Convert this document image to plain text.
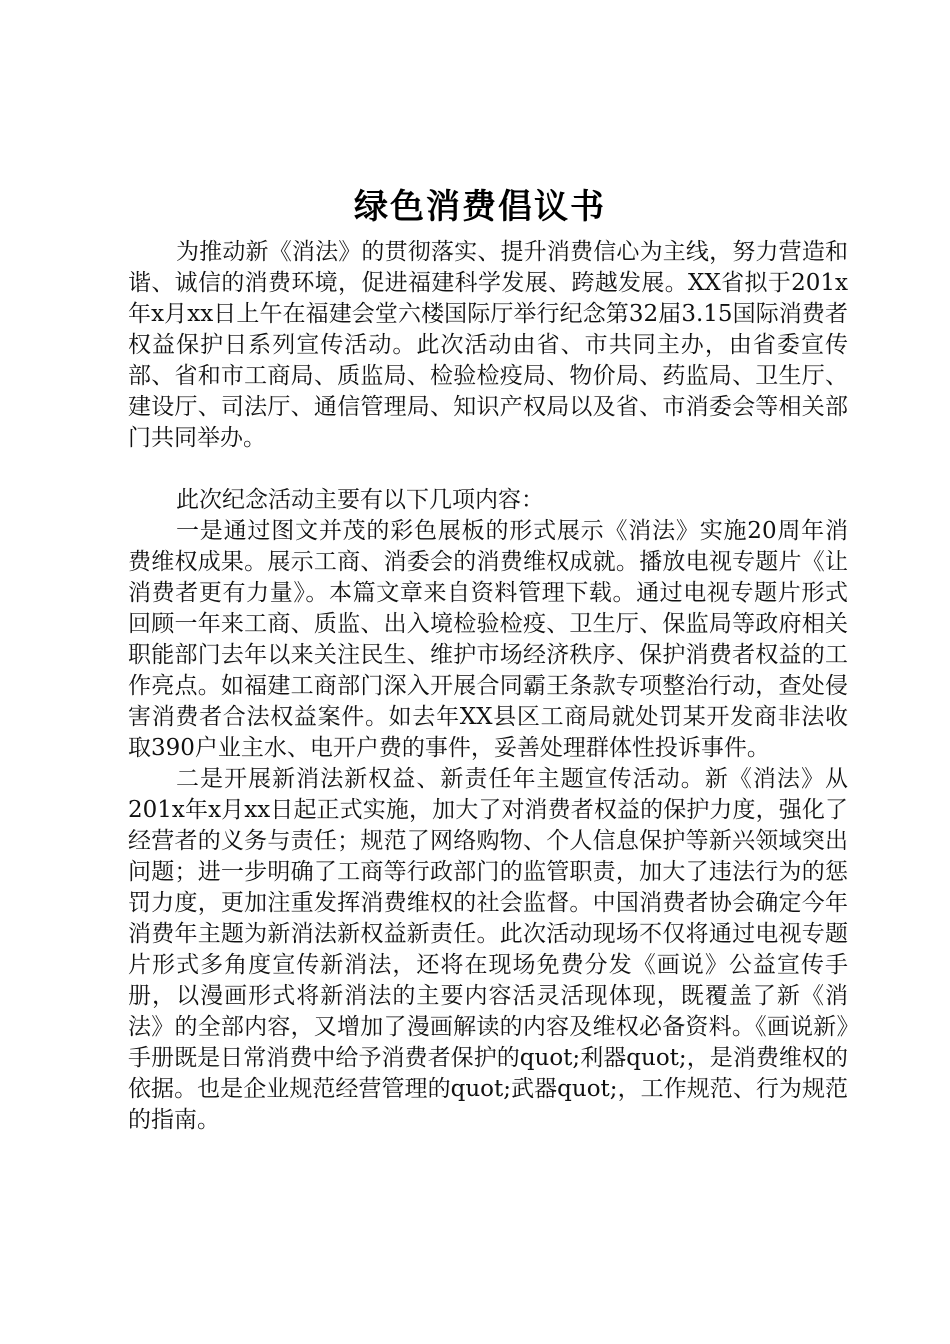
绿色消费倡议书

为推动新《消法》的贯彻落实、提升消费信心为主线，努力营造和谐、诚信的消费环境，促进福建科学发展、跨越发展。XX省拟于201x年x月xx日上午在福建会堂六楼国际厅举行纪念第32届3.15国际消费者权益保护日系列宣传活动。此次活动由省、市共同主办，由省委宣传部、省和市工商局、质监局、检验检疫局、物价局、药监局、卫生厅、建设厅、司法厅、通信管理局、知识产权局以及省、市消委会等相关部门共同举办。

此次纪念活动主要有以下几项内容：

一是通过图文并茂的彩色展板的形式展示《消法》实施20周年消费维权成果。展示工商、消委会的消费维权成就。播放电视专题片《让消费者更有力量》。本篇文章来自资料管理下载。通过电视专题片形式回顾一年来工商、质监、出入境检验检疫、卫生厅、保监局等政府相关职能部门去年以来关注民生、维护市场经济秩序、保护消费者权益的工作亮点。如福建工商部门深入开展合同霸王条款专项整治行动，查处侵害消费者合法权益案件。如去年XX县区工商局就处罚某开发商非法收取390户业主水、电开户费的事件，妥善处理群体性投诉事件。

二是开展新消法新权益、新责任年主题宣传活动。新《消法》从201x年x月xx日起正式实施，加大了对消费者权益的保护力度，强化了经营者的义务与责任；规范了网络购物、个人信息保护等新兴领域突出问题；进一步明确了工商等行政部门的监管职责，加大了违法行为的惩罚力度，更加注重发挥消费维权的社会监督。中国消费者协会确定今年消费年主题为新消法新权益新责任。此次活动现场不仅将通过电视专题片形式多角度宣传新消法，还将在现场免费分发《画说》公益宣传手册，以漫画形式将新消法的主要内容活灵活现体现，既覆盖了新《消法》的全部内容，又增加了漫画解读的内容及维权必备资料。《画说新》手册既是日常消费中给予消费者保护的quot;利器quot;，是消费维权的依据。也是企业规范经营管理的quot;武器quot;，工作规范、行为规范的指南。
